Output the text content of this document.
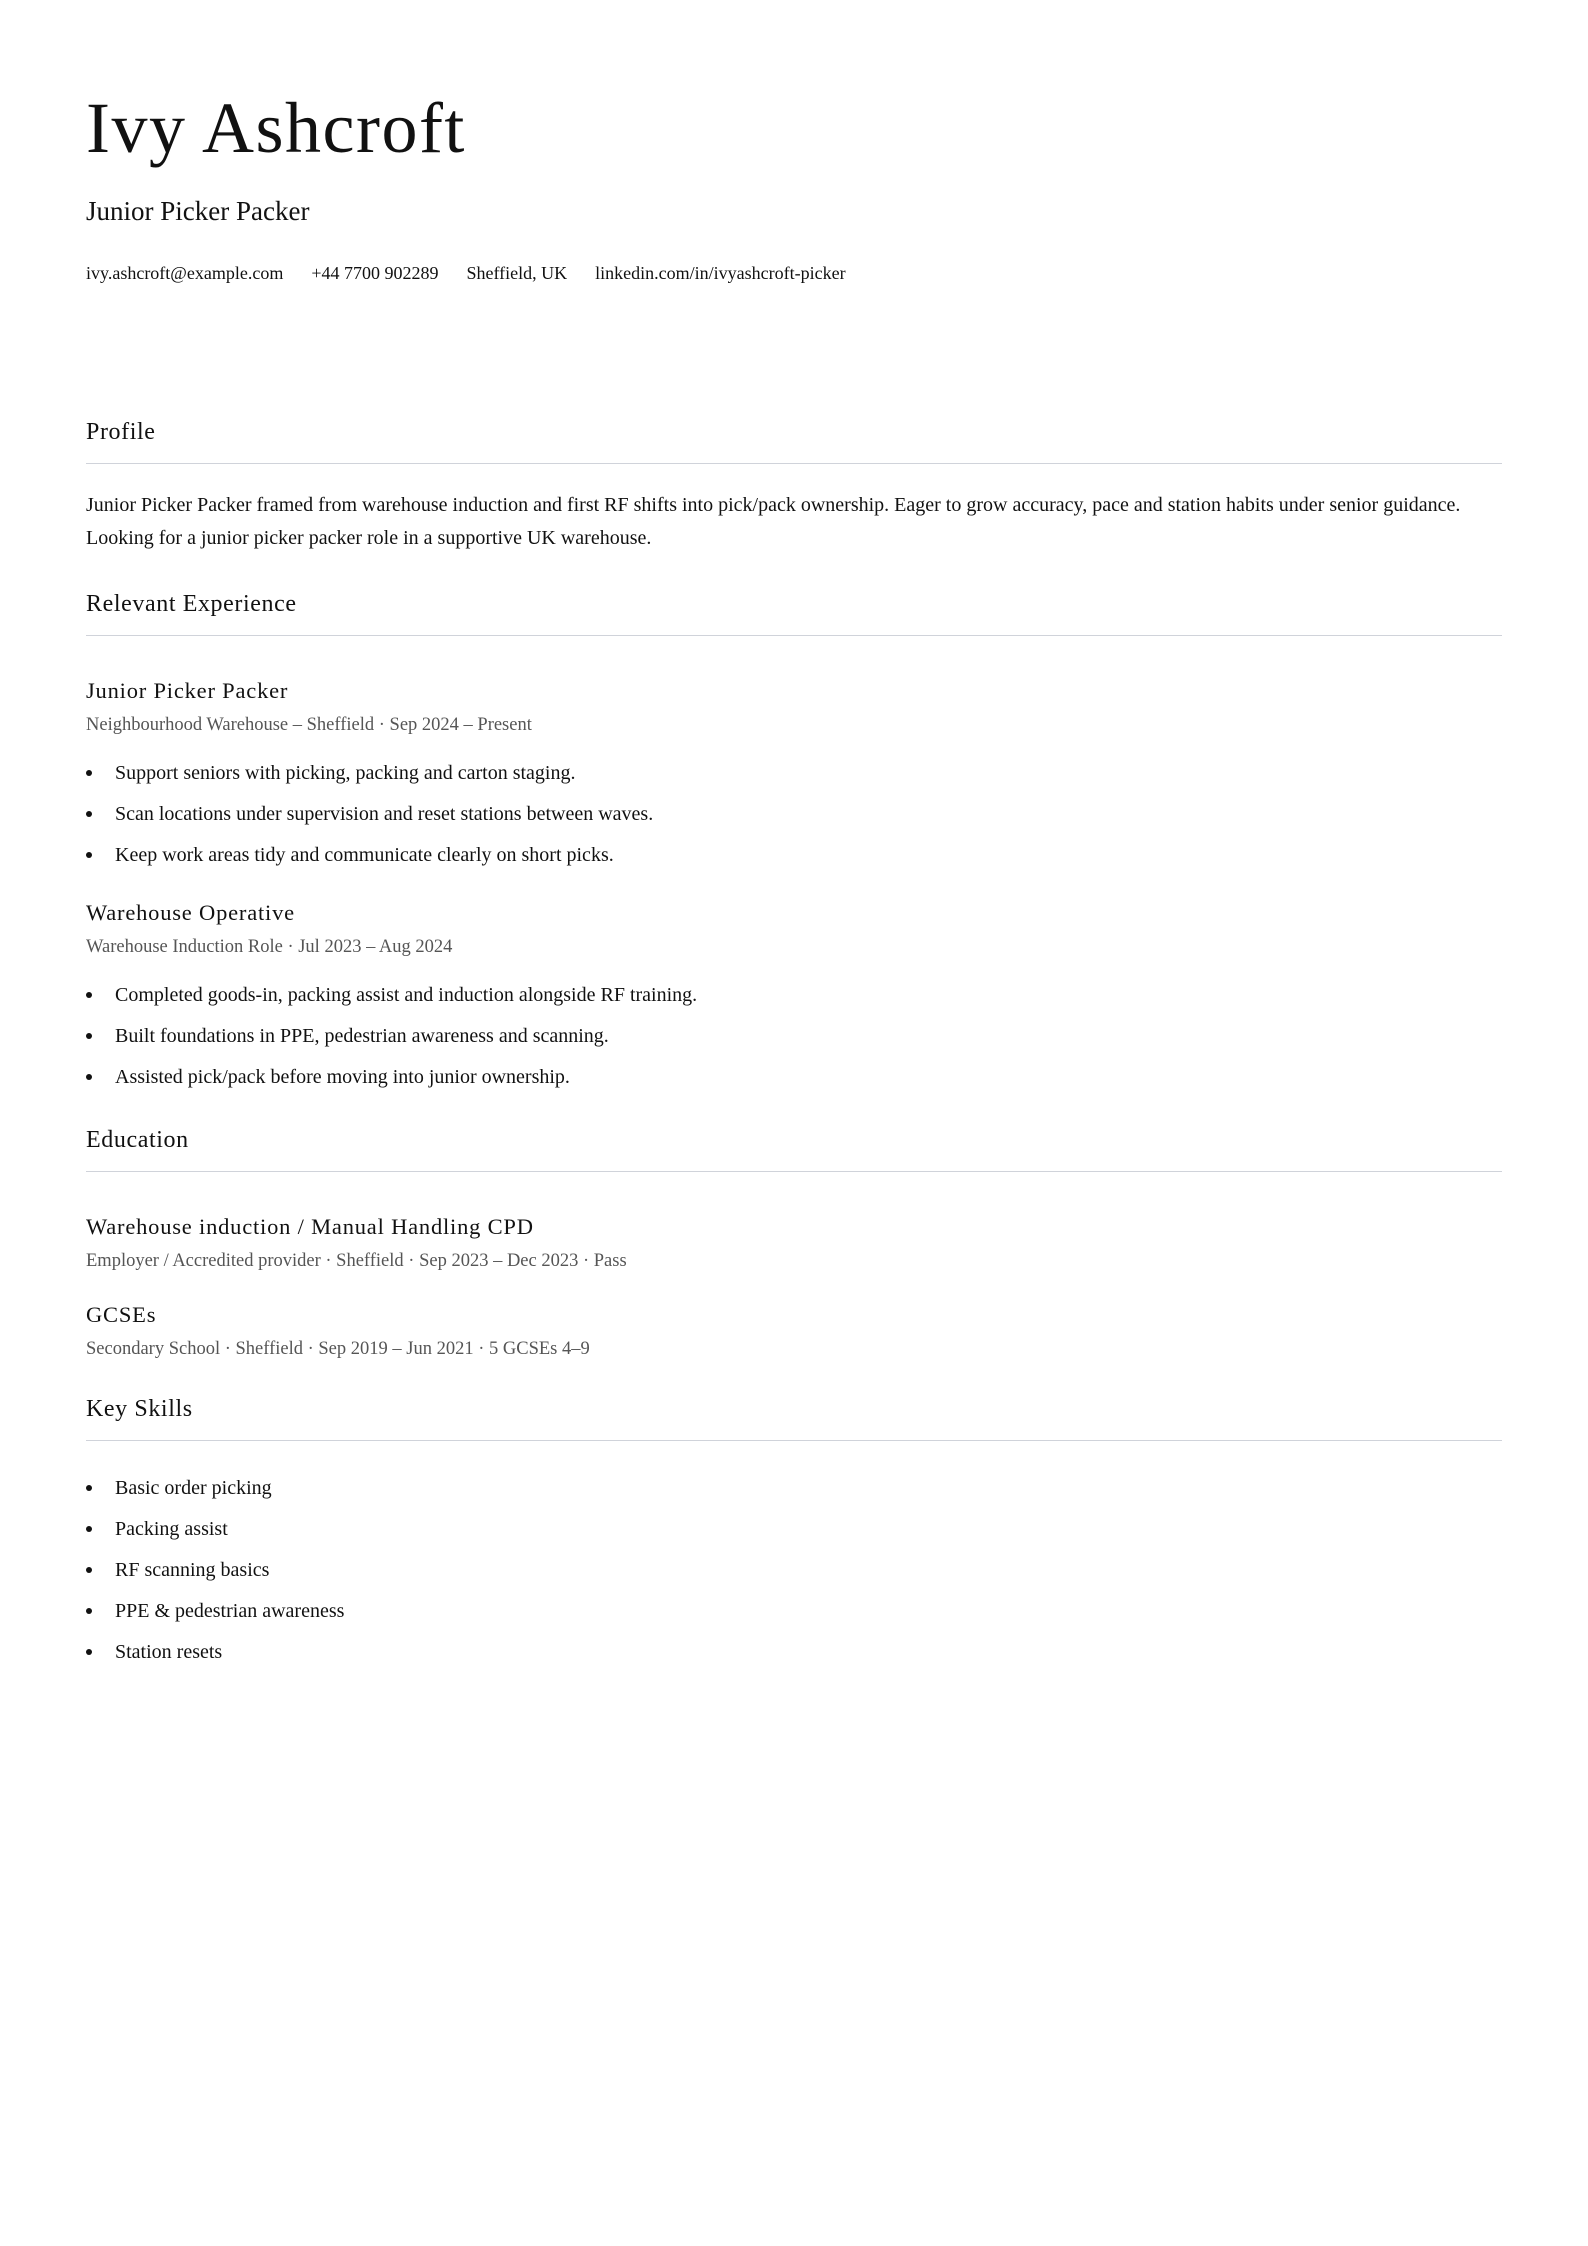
Ivy Ashcroft
Junior Picker Packer
ivy.ashcroft@example.com +44 7700 902289 Sheffield, UK linkedin.com/in/ivyashcroft-picker
Profile

Junior Picker Packer framed from warehouse induction and first RF shifts into pick/pack ownership. Eager to grow accuracy, pace and station habits under senior guidance. Looking for a junior picker packer role in a supportive UK warehouse.

Relevant Experience
Junior Picker Packer

Neighbourhood Warehouse – Sheffield · Sep 2024 – Present

Support seniors with picking, packing and carton staging.
Scan locations under supervision and reset stations between waves.
Keep work areas tidy and communicate clearly on short picks.
Warehouse Operative

Warehouse Induction Role · Jul 2023 – Aug 2024

Completed goods-in, packing assist and induction alongside RF training.
Built foundations in PPE, pedestrian awareness and scanning.
Assisted pick/pack before moving into junior ownership.
Education
Warehouse induction / Manual Handling CPD

Employer / Accredited provider · Sheffield · Sep 2023 – Dec 2023 · Pass

GCSEs

Secondary School · Sheffield · Sep 2019 – Jun 2021 · 5 GCSEs 4–9

Key Skills
Basic order picking
Packing assist
RF scanning basics
PPE & pedestrian awareness
Station resets
